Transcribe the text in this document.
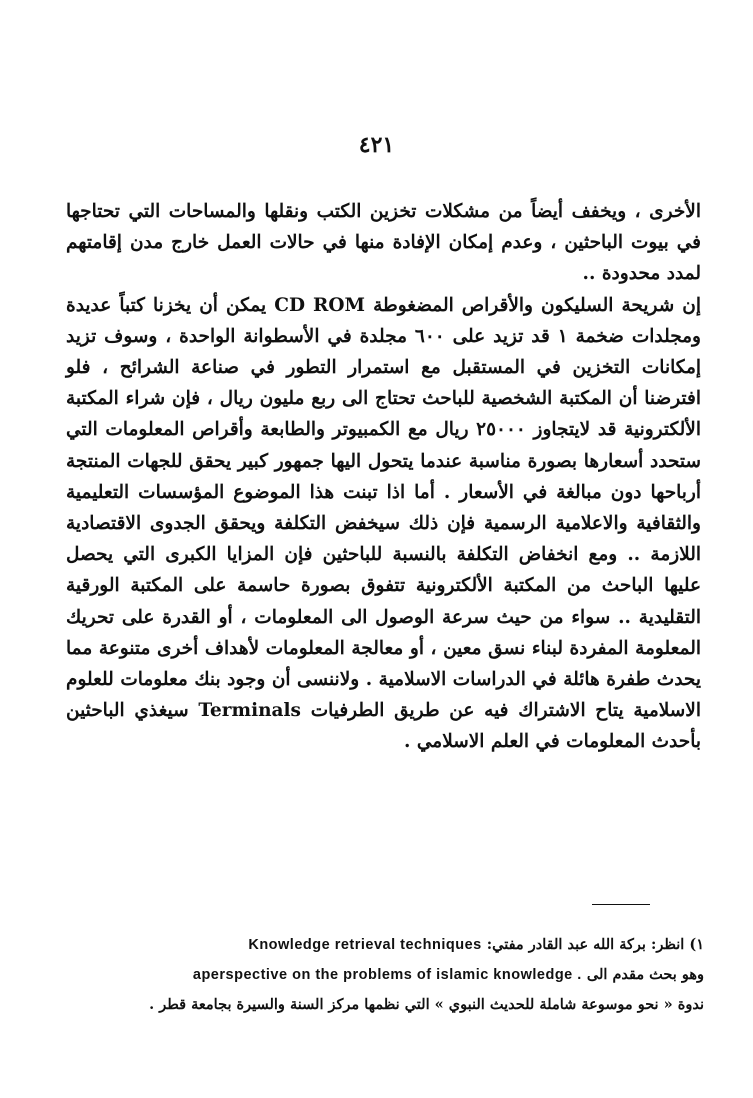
٤٢١

الأخرى ، ويخفف أيضاً من مشكلات تخزين الكتب ونقلها والمساحات التي تحتاجها في بيوت الباحثين ، وعدم إمكان الإفادة منها في حالات العمل خارج مدن إقامتهم لمدد محدودة ..

إن شريحة السليكون والأقراص المضغوطة CD ROM يمكن أن يخزنا كتباً عديدة ومجلدات ضخمة ١ قد تزيد على ٦٠٠ مجلدة في الأسطوانة الواحدة ، وسوف تزيد إمكانات التخزين في المستقبل مع استمرار التطور في صناعة الشرائح ، فلو افترضنا أن المكتبة الشخصية للباحث تحتاج الى ربع مليون ريال ، فإن شراء المكتبة الألكترونية قد لايتجاوز ٢٥٠٠٠ ريال مع الكمبيوتر والطابعة وأقراص المعلومات التي ستحدد أسعارها بصورة مناسبة عندما يتحول اليها جمهور كبير يحقق للجهات المنتجة أرباحها دون مبالغة في الأسعار . أما اذا تبنت هذا الموضوع المؤسسات التعليمية والثقافية والاعلامية الرسمية فإن ذلك سيخفض التكلفة ويحقق الجدوى الاقتصادية اللازمة .. ومع انخفاض التكلفة بالنسبة للباحثين فإن المزايا الكبرى التي يحصل عليها الباحث من المكتبة الألكترونية تتفوق بصورة حاسمة على المكتبة الورقية التقليدية .. سواء من حيث سرعة الوصول الى المعلومات ، أو القدرة على تحريك المعلومة المفردة لبناء نسق معين ، أو معالجة المعلومات لأهداف أخرى متنوعة مما يحدث طفرة هائلة في الدراسات الاسلامية . ولاننسى أن وجود بنك معلومات للعلوم الاسلامية يتاح الاشتراك فيه عن طريق الطرفيات Terminals سيغذي الباحثين بأحدث المعلومات في العلم الاسلامي .

١) انظر: بركة الله عبد القادر مفتي: Knowledge retrieval techniques
وهو بحث مقدم الى aperspective on the problems of islamic knowledge .
ندوة « نحو موسوعة شاملة للحديث النبوي » التي نظمها مركز السنة والسيرة بجامعة قطر .
